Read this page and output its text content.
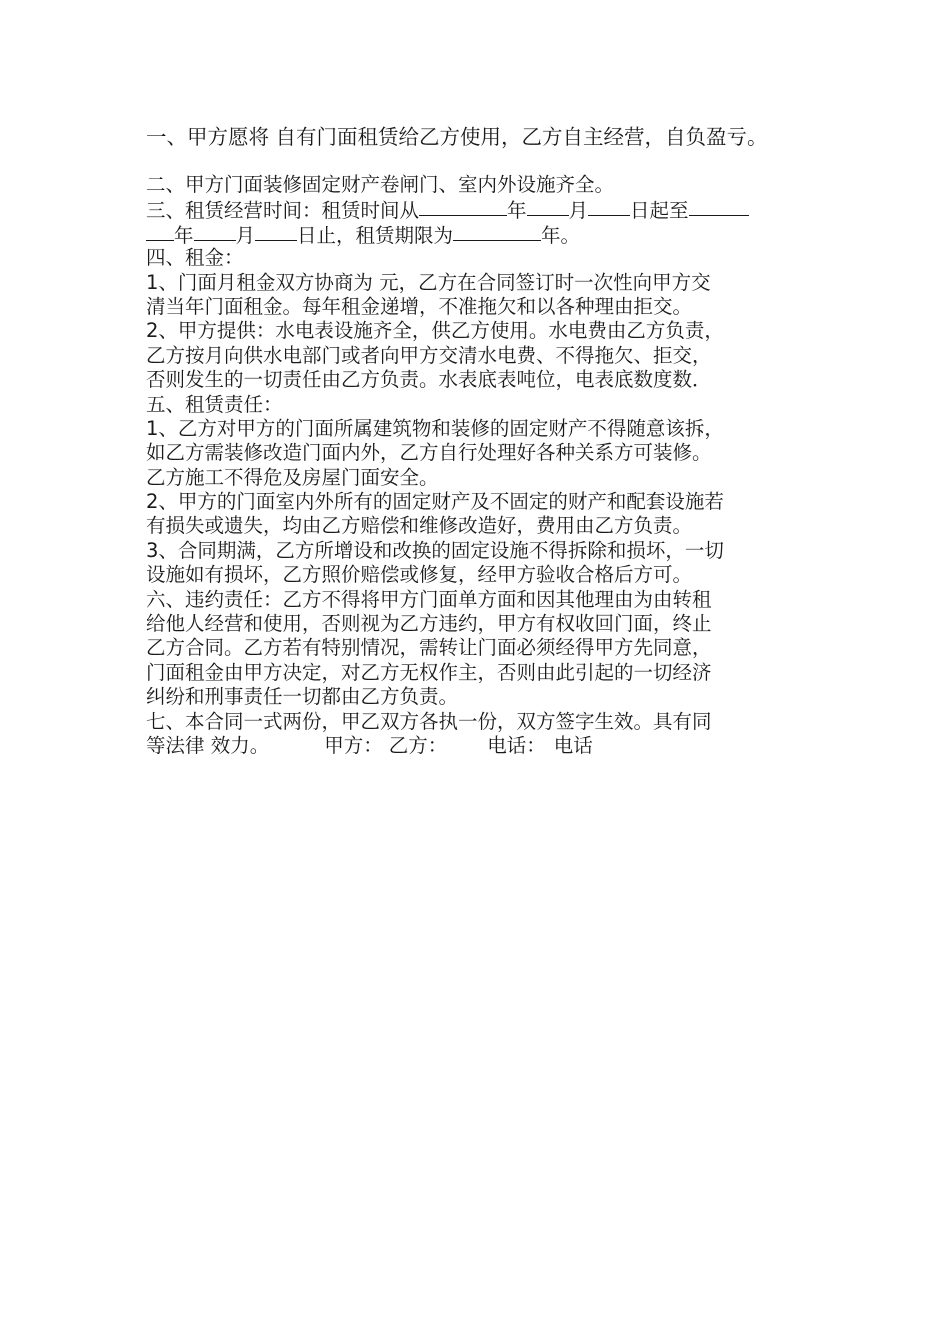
一、甲方愿将 自有门面租赁给乙方使用，乙方自主经营，自负盈亏。
二、甲方门面装修固定财产卷闸门、室内外设施齐全。
三、租赁经营时间：租赁时间从	年 月 日起至
年 月 日止，租赁期限为	年。
四、租金：
1、门面月租金双方协商为 元，乙方在合同签订时一次性向甲方交
清当年门面租金。每年租金递增，不准拖欠和以各种理由拒交。
2、甲方提供：水电表设施齐全，供乙方使用。水电费由乙方负责，
乙方按月向供水电部门或者向甲方交清水电费、不得拖欠、拒交，
否则发生的一切责任由乙方负责。水表底表吨位，电表底数度数．
五、租赁责任：
1、乙方对甲方的门面所属建筑物和装修的固定财产不得随意该拆，
如乙方需装修改造门面内外，乙方自行处理好各种关系方可装修。
乙方施工不得危及房屋门面安全。
2、甲方的门面室内外所有的固定财产及不固定的财产和配套设施若
有损失或遗失，均由乙方赔偿和维修改造好，费用由乙方负责。
3、合同期满，乙方所增设和改换的固定设施不得拆除和损坏，一切
设施如有损坏，乙方照价赔偿或修复，经甲方验收合格后方可。
六、违约责任：乙方不得将甲方门面单方面和因其他理由为由转租
给他人经营和使用，否则视为乙方违约，甲方有权收回门面，终止
乙方合同。乙方若有特别情况，需转让门面必须经得甲方先同意，
门面租金由甲方决定，对乙方无权作主，否则由此引起的一切经济
纠纷和刑事责任一切都由乙方负责。
七、本合同一式两份，甲乙双方各执一份，双方签字生效。具有同
等法律 效力。	甲方： 乙方： 电话： 电话
